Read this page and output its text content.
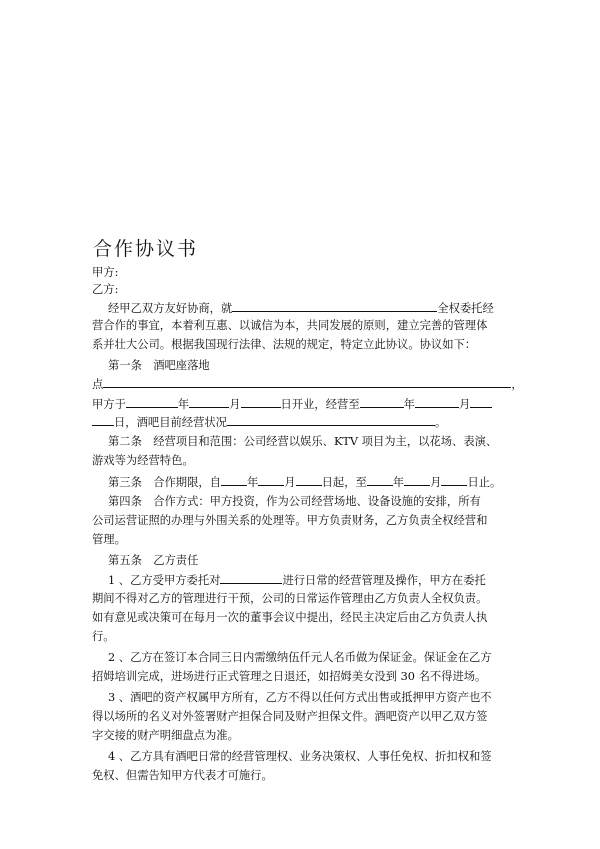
合作协议书
甲方:
乙方:
经甲乙双方友好协商，就	全权委托经
营合作的事宜，本着利互惠、以诚信为本，共同发展的原则，建立完善的管理体
系并壮大公司。根据我国现行法律、法规的规定，特定立此协议。协议如下：
第一条　酒吧座落地
点	，
甲方于	年	月	日开业，经营至	年	月
日，酒吧目前经营状况	。
第二条　经营项目和范围：公司经营以娱乐、KTV 项目为主，以花场、表演、
游戏等为经营特色。
第三条　合作期限，自 年 月 日起，至 年 月 日止。
第四条　合作方式：甲方投资，作为公司经营场地、设备设施的安排，所有
公司运营证照的办理与外围关系的处理等。甲方负责财务，乙方负责全权经营和
管理。
第五条　乙方责任
1 、乙方受甲方委托对	进行日常的经营管理及操作，甲方在委托
期间不得对乙方的管理进行干预，公司的日常运作管理由乙方负责人全权负责。
如有意见或决策可在每月一次的董事会议中提出，经民主决定后由乙方负责人执
行。
2 、乙方在签订本合同三日内需缴纳伍仟元人名币做为保证金。保证金在乙方
招姆培训完成，进场进行正式管理之日退还，如招姆美女没到 30 名不得进场。
3 、酒吧的资产权属甲方所有，乙方不得以任何方式出售或抵押甲方资产也不
得以场所的名义对外签署财产担保合同及财产担保文件。酒吧资产以甲乙双方签
字交接的财产明细盘点为准。
4 、乙方具有酒吧日常的经营管理权、业务决策权、人事任免权、折扣权和签
免权、但需告知甲方代表才可施行。
